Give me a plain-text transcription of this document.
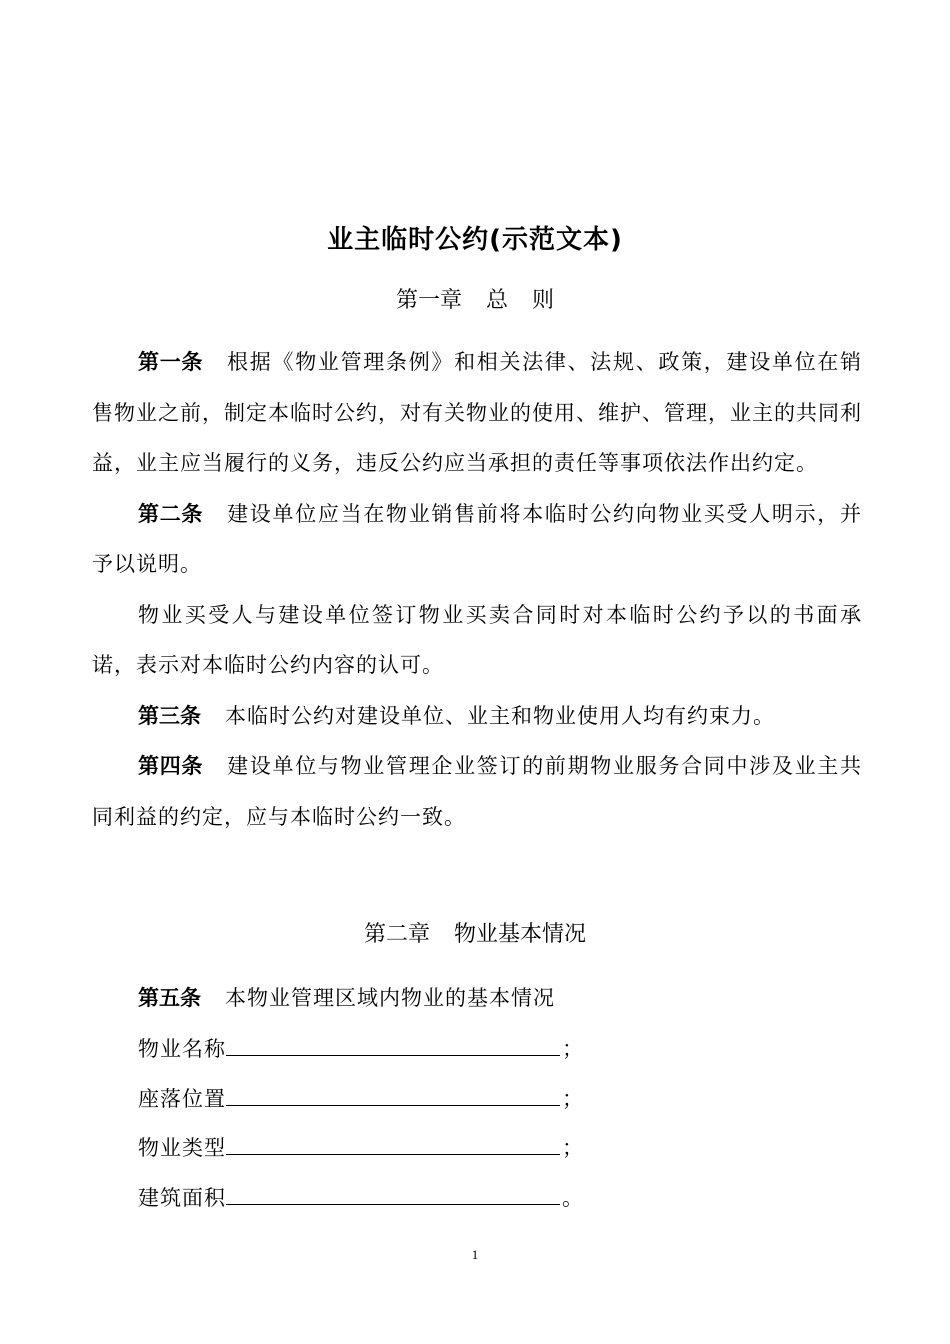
业主临时公约(示范文本)
第一章 总 则

第一条 根据《物业管理条例》和相关法律、法规、政策，建设单位在销售物业之前，制定本临时公约，对有关物业的使用、维护、管理，业主的共同利益，业主应当履行的义务，违反公约应当承担的责任等事项依法作出约定。

第二条 建设单位应当在物业销售前将本临时公约向物业买受人明示，并予以说明。

物业买受人与建设单位签订物业买卖合同时对本临时公约予以的书面承诺，表示对本临时公约内容的认可。

第三条 本临时公约对建设单位、业主和物业使用人均有约束力。

第四条 建设单位与物业管理企业签订的前期物业服务合同中涉及业主共同利益的约定，应与本临时公约一致。

第二章 物业基本情况

第五条 本物业管理区域内物业的基本情况

物业名称	；
座落位置	；
物业类型	；
建筑面积	。
1
